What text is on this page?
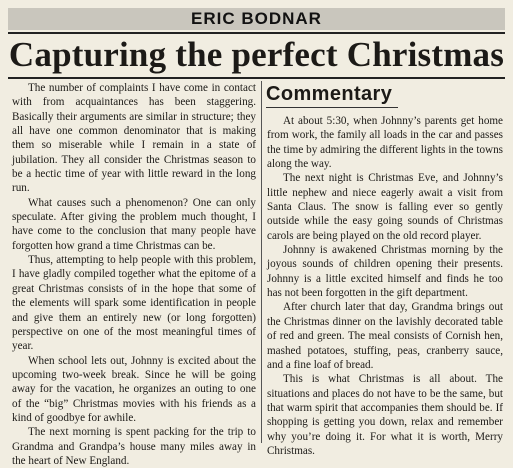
ERIC BODNAR
Capturing the perfect Christmas

The number of complaints I have come in contact with from acquaintances has been staggering. Basically their arguments are similar in structure; they all have one common denominator that is making them so miserable while I remain in a state of jubilation. They all consider the Christmas season to be a hectic time of year with little reward in the long run.

What causes such a phenomenon? One can only speculate. After giving the problem much thought, I have come to the conclusion that many people have forgotten how grand a time Christmas can be.

Thus, attempting to help people with this problem, I have gladly compiled together what the epitome of a great Christmas consists of in the hope that some of the elements will spark some identification in people and give them an entirely new (or long forgotten) perspective on one of the most meaningful times of year.

When school lets out, Johnny is excited about the upcoming two-week break. Since he will be going away for the vacation, he organizes an outing to one of the “big” Christmas movies with his friends as a kind of goodbye for awhile.

The next morning is spent packing for the trip to Grandma and Grandpa’s house many miles away in the heart of New England.

Commentary

At about 5:30, when Johnny’s parents get home from work, the family all loads in the car and passes the time by admiring the different lights in the towns along the way.

The next night is Christmas Eve, and Johnny’s little nephew and niece eagerly await a visit from Santa Claus. The snow is falling ever so gently outside while the easy going sounds of Christmas carols are being played on the old record player.

Johnny is awakened Christmas morning by the joyous sounds of children opening their presents. Johnny is a little excited himself and finds he too has not been forgotten in the gift department.

After church later that day, Grandma brings out the Christmas dinner on the lavishly decorated table of red and green. The meal consists of Cornish hen, mashed potatoes, stuffing, peas, cranberry sauce, and a fine loaf of bread.

This is what Christmas is all about. The situations and places do not have to be the same, but that warm spirit that accompanies them should be. If shopping is getting you down, relax and remember why you’re doing it. For what it is worth, Merry Christmas.
